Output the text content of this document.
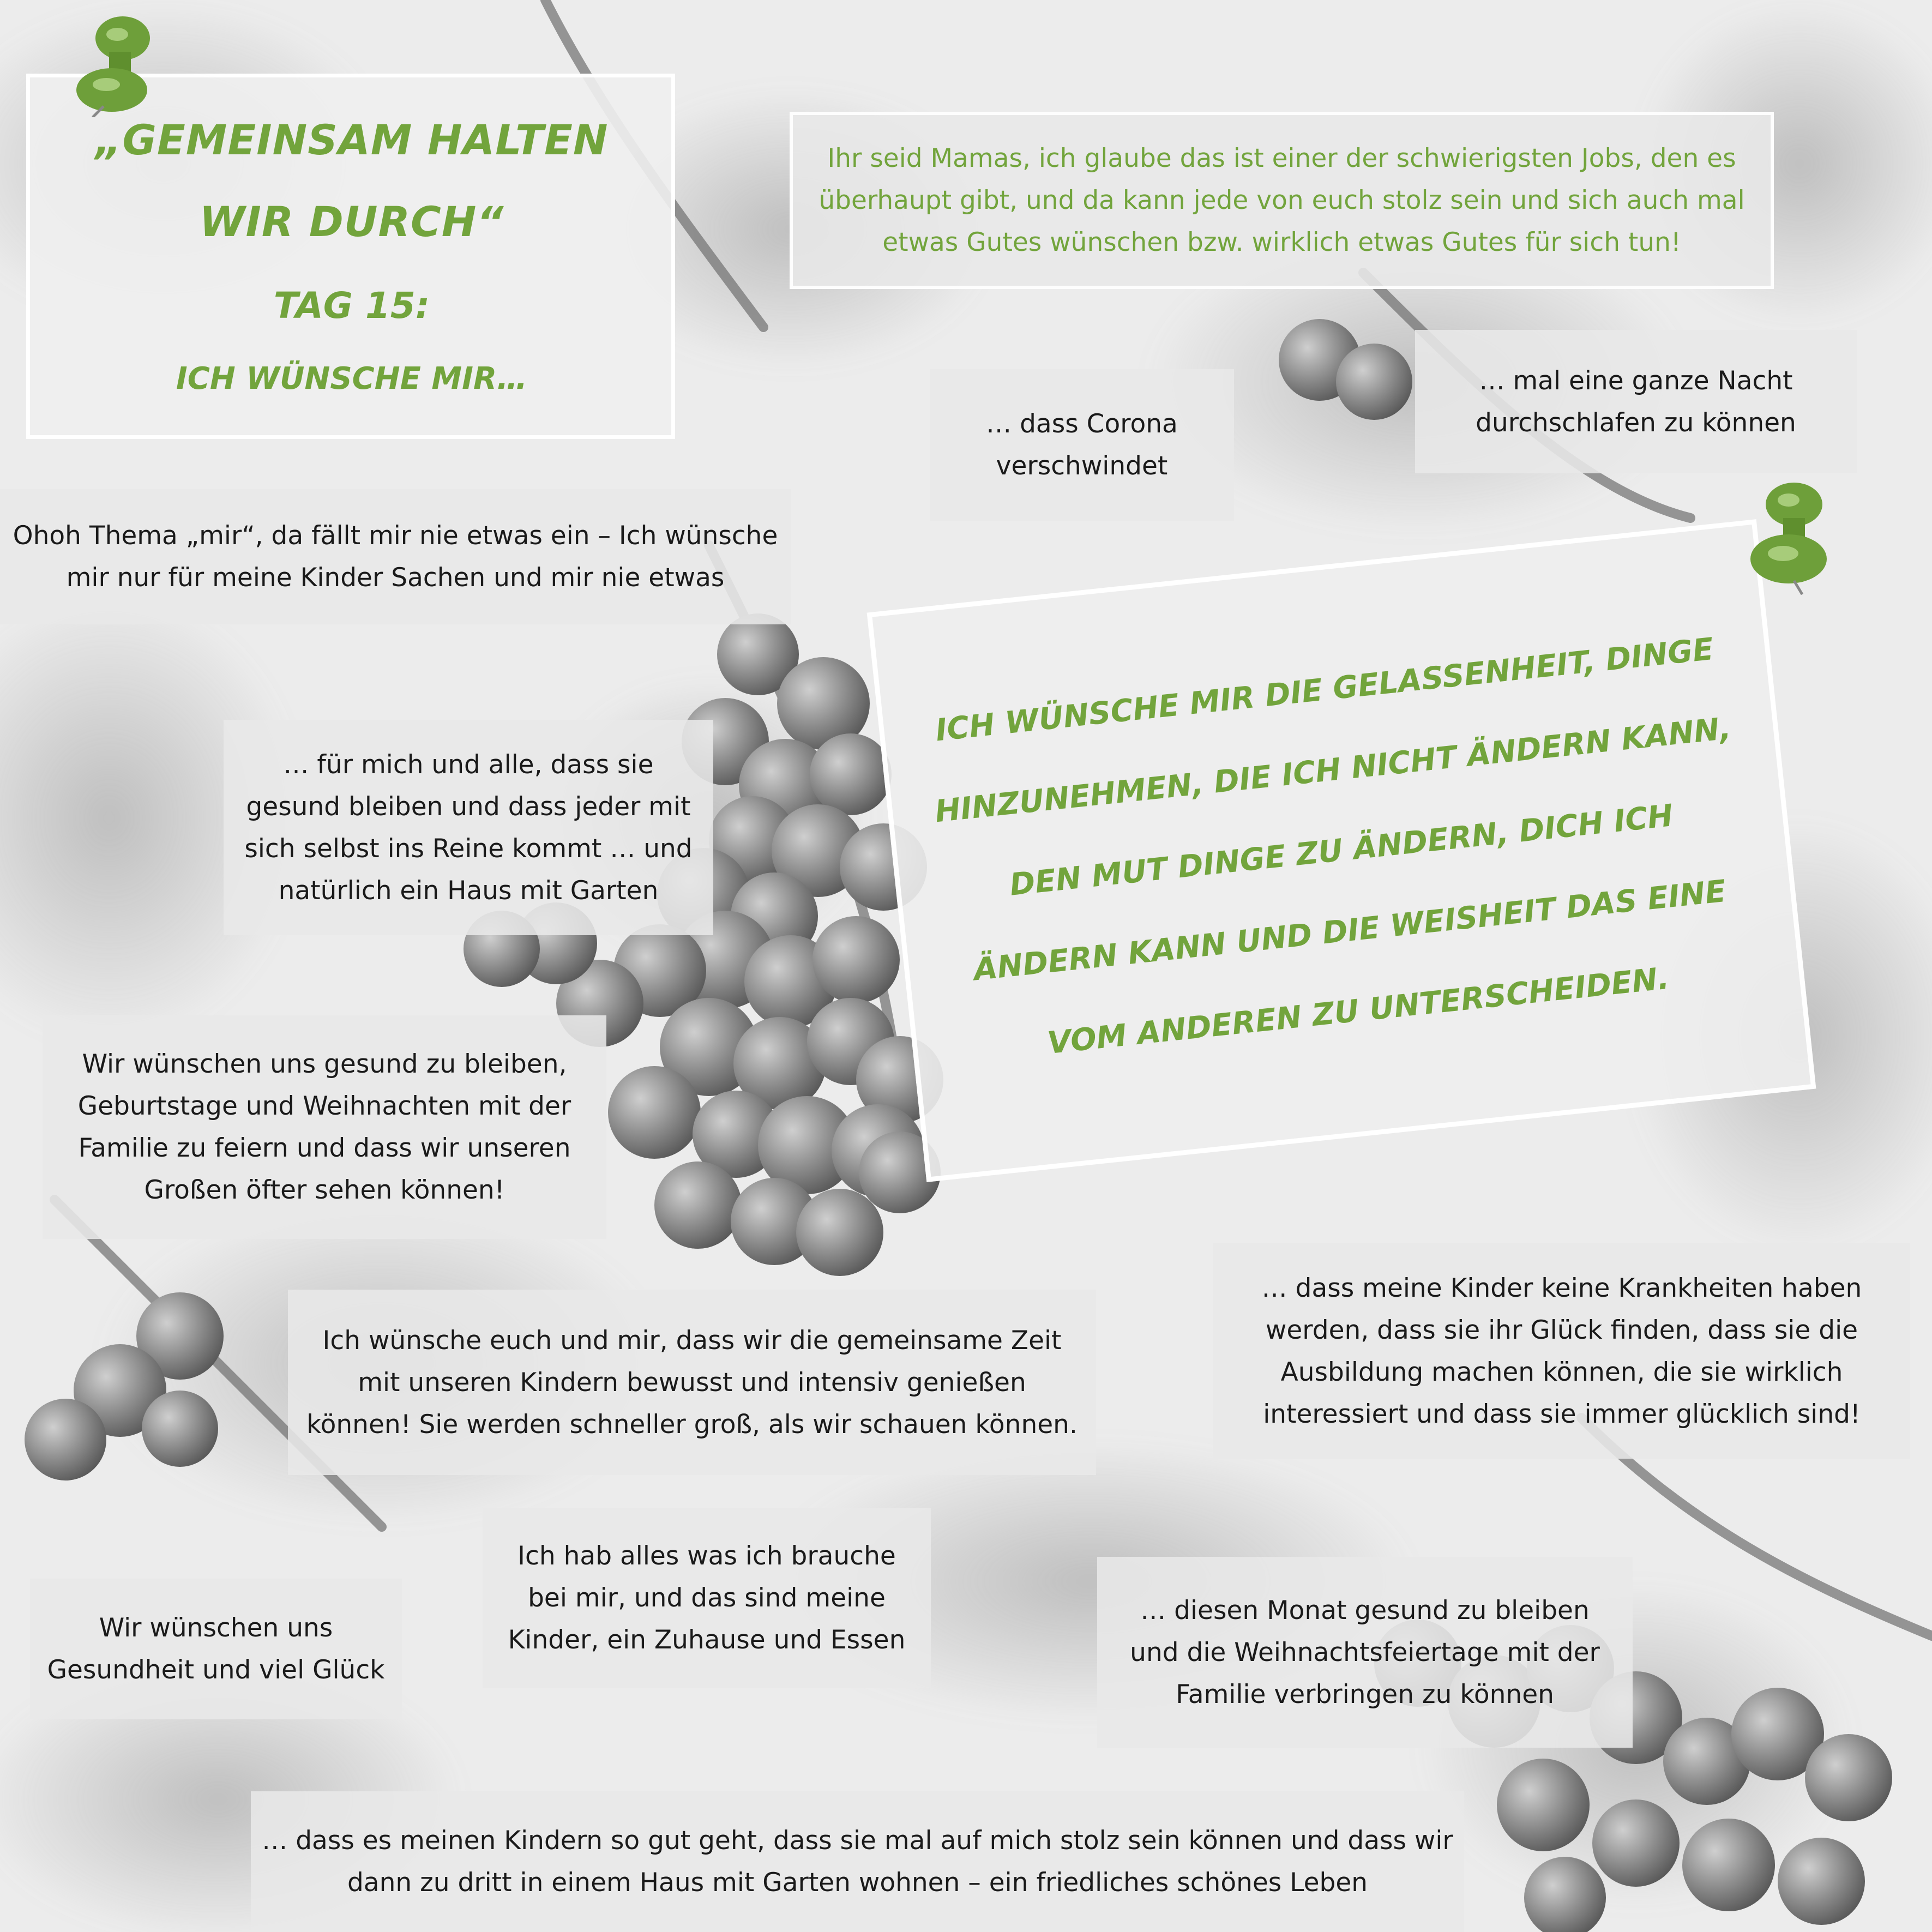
„GEMEINSAM HALTEN WIR DURCH“
TAG 15:
ICH WÜNSCHE MIR…
Ihr seid Mamas, ich glaube das ist einer der schwierigsten Jobs, den es überhaupt gibt, und da kann jede von euch stolz sein und sich auch mal etwas Gutes wünschen bzw. wirklich etwas Gutes für sich tun!
… dass Corona
verschwindet
… mal eine ganze Nacht
durchschlafen zu können
Ohoh Thema „mir“, da fällt mir nie etwas ein – Ich wünsche
mir nur für meine Kinder Sachen und mir nie etwas
… für mich und alle, dass sie
gesund bleiben und dass jeder mit
sich selbst ins Reine kommt … und
natürlich ein Haus mit Garten
Wir wünschen uns gesund zu bleiben,
Geburtstage und Weihnachten mit der
Familie zu feiern und dass wir unseren
Großen öfter sehen können!
Ich wünsche euch und mir, dass wir die gemeinsame Zeit
mit unseren Kindern bewusst und intensiv genießen
können! Sie werden schneller groß, als wir schauen können.
… dass meine Kinder keine Krankheiten haben
werden, dass sie ihr Glück finden, dass sie die
Ausbildung machen können, die sie wirklich
interessiert und dass sie immer glücklich sind!
Wir wünschen uns
Gesundheit und viel Glück
Ich hab alles was ich brauche
bei mir, und das sind meine
Kinder, ein Zuhause und Essen
… diesen Monat gesund zu bleiben
und die Weihnachtsfeiertage mit der
Familie verbringen zu können
… dass es meinen Kindern so gut geht, dass sie mal auf mich stolz sein können und dass wir
dann zu dritt in einem Haus mit Garten wohnen – ein friedliches schönes Leben
ICH WÜNSCHE MIR DIE GELASSENHEIT, DINGE HINZUNEHMEN, DIE ICH NICHT ÄNDERN KANN, DEN MUT DINGE ZU ÄNDERN, DICH ICH ÄNDERN KANN UND DIE WEISHEIT DAS EINE VOM ANDEREN ZU UNTERSCHEIDEN.
